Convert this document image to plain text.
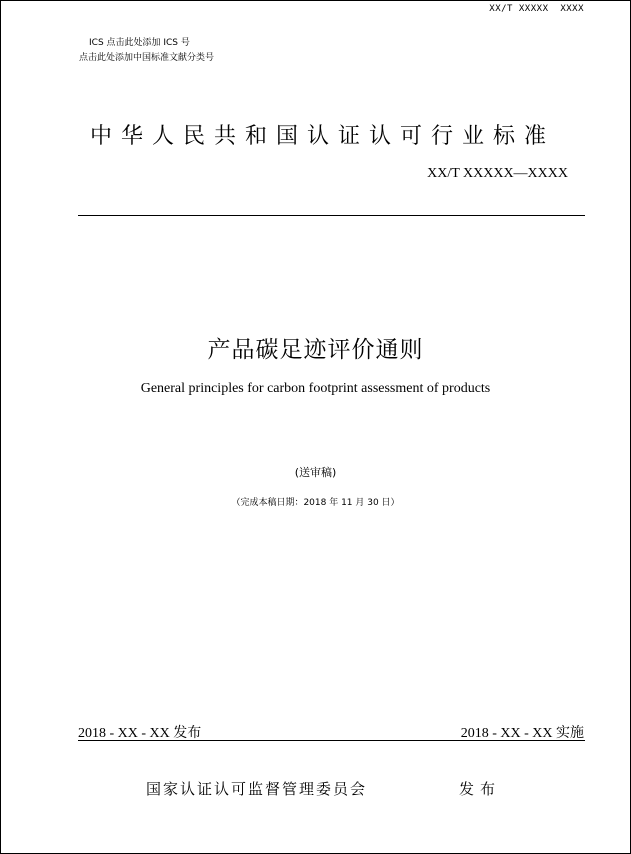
XX/T XXXXX  XXXX
ICS 点击此处添加 ICS 号
点击此处添加中国标准文献分类号
中华人民共和国认证认可行业标准
XX/T XXXXX—XXXX
产品碳足迹评价通则
General principles for carbon footprint assessment of products
(送审稿)
（完成本稿日期：2018 年 11 月 30 日）
2018 - XX - XX 发布	2018 - XX - XX 实施
国家认证认可监督管理委员会	发布
